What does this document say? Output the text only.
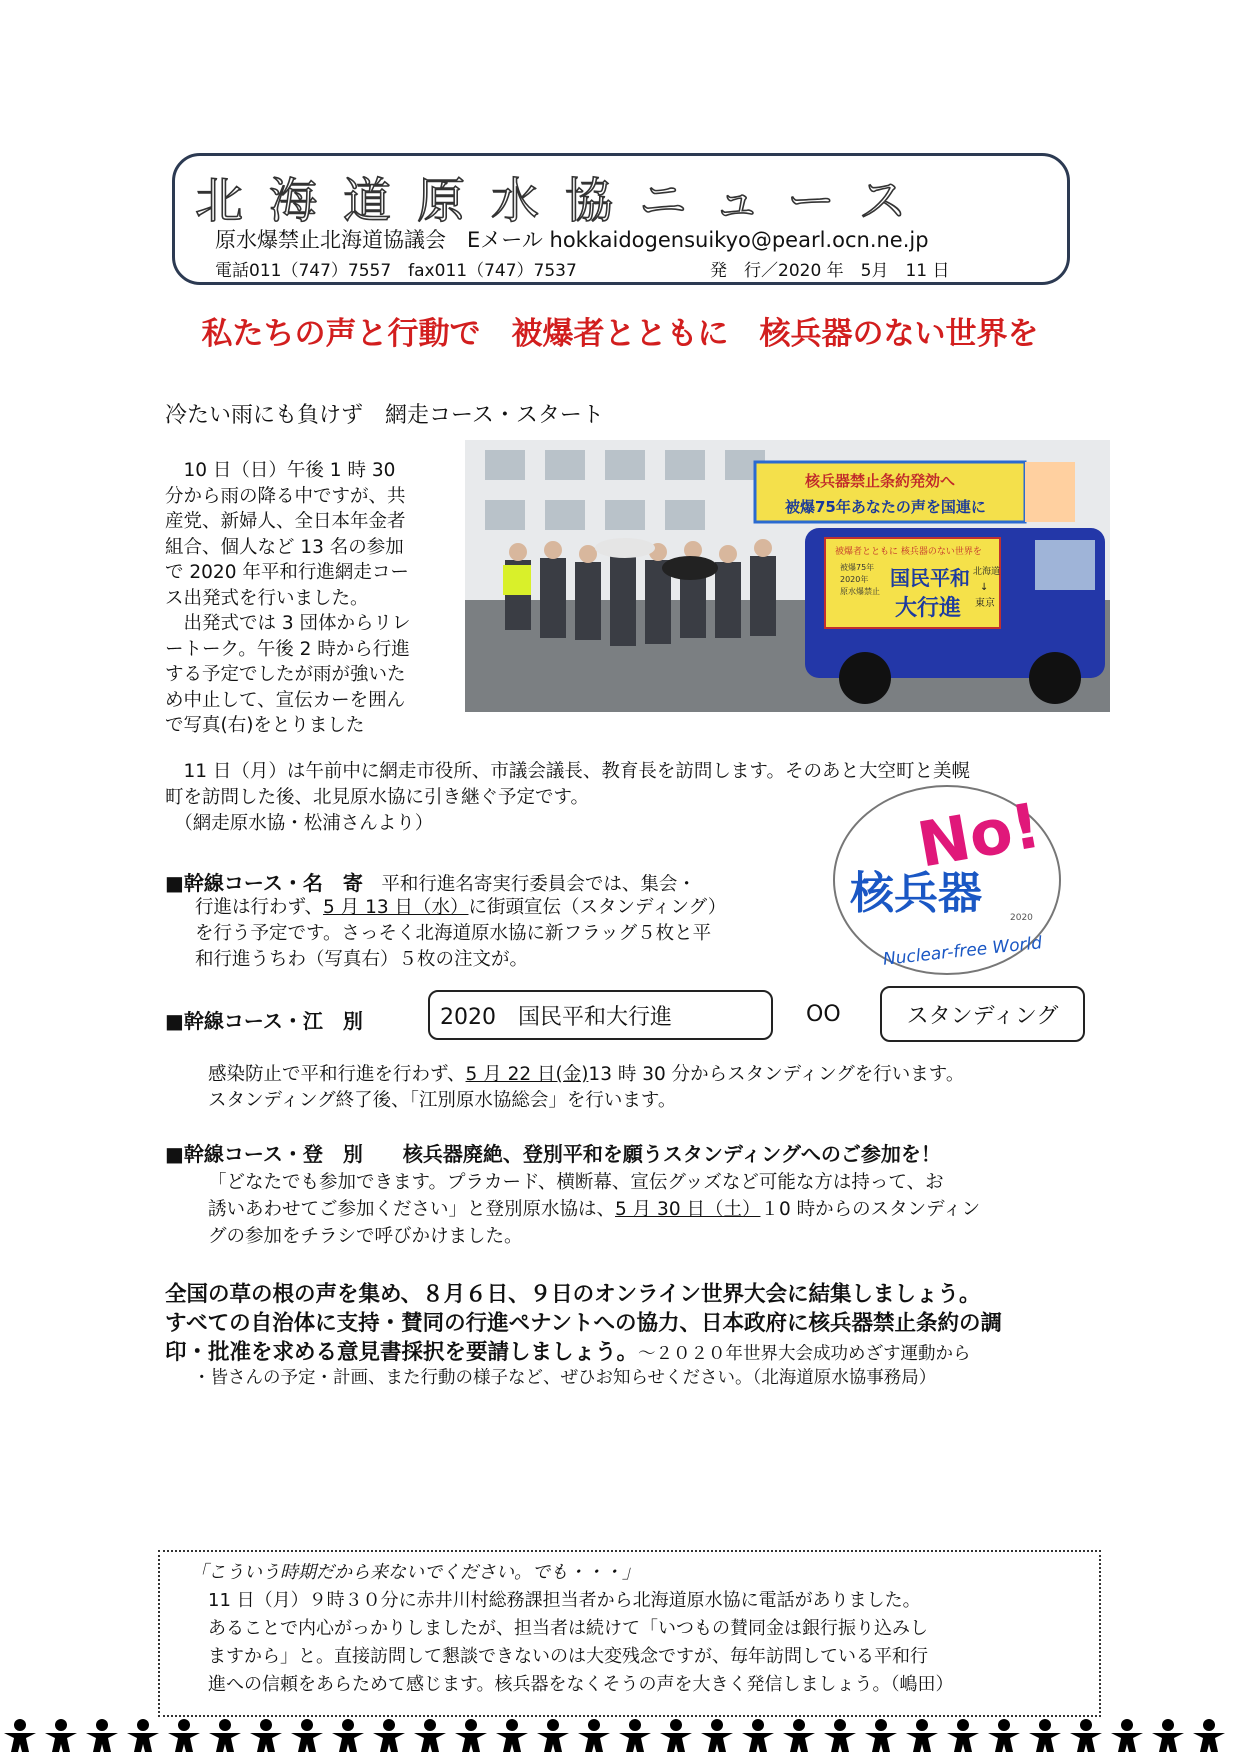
北海道原水協ニュース
原水爆禁止北海道協議会　Eメール hokkaidogensuikyo@pearl.ocn.ne.jp
電話011（747）7557　fax011（747）7537	発　行／2020 年　5月　11 日
私たちの声と行動で　被爆者とともに　核兵器のない世界を
冷たい雨にも負けず　網走コース・スタート
　10 日（日）午後 1 時 30
分から雨の降る中ですが、共
産党、新婦人、全日本年金者
組合、個人など 13 名の参加
で 2020 年平和行進網走コー
ス出発式を行いました。
　出発式では 3 団体からリレ
ートーク。午後 2 時から行進
する予定でしたが雨が強いた
め中止して、宣伝カーを囲ん
で写真(右)をとりました
核兵器禁止条約発効へ
被爆75年あなたの声を国連に
被爆者とともに 核兵器のない世界を
被爆75年
2020年
原水爆禁止
国民平和
大行進
北海道
↓
東京
　11 日（月）は午前中に網走市役所、市議会議長、教育長を訪問します。そのあと大空町と美幌
町を訪問した後、北見原水協に引き継ぐ予定です。
　（網走原水協・松浦さんより）
■幹線コース・名　寄　平和行進名寄実行委員会では、集会・
行進は行わず、5 月 13 日（水）に街頭宣伝（スタンディング）
を行う予定です。さっそく北海道原水協に新フラッグ５枚と平
和行進うちわ（写真右）５枚の注文が。
No!
核兵器	2020
Nuclear-free World
■幹線コース・江　別	2020　国民平和大行進	OO	スタンディング
感染防止で平和行進を行わず、5 月 22 日(金)13 時 30 分からスタンディングを行います。
スタンディング終了後、「江別原水協総会」を行います。
■幹線コース・登　別　　核兵器廃絶、登別平和を願うスタンディングへのご参加を！
「どなたでも参加できます。プラカード、横断幕、宣伝グッズなど可能な方は持って、お
誘いあわせてご参加ください」と登別原水協は、5 月 30 日（土）１0 時からのスタンディン
グの参加をチラシで呼びかけました。
全国の草の根の声を集め、８月６日、９日のオンライン世界大会に結集しましょう。
すべての自治体に支持・賛同の行進ペナントへの協力、日本政府に核兵器禁止条約の調
印・批准を求める意見書採択を要請しましょう。～２０２０年世界大会成功めざす運動から
・皆さんの予定・計画、また行動の様子など、ぜひお知らせください。（北海道原水協事務局）
「こういう時期だから来ないでください。でも・・・」
　11 日（月）９時３０分に赤井川村総務課担当者から北海道原水協に電話がありました。
あることで内心がっかりしましたが、担当者は続けて「いつもの賛同金は銀行振り込みし
ますから」と。直接訪問して懇談できないのは大変残念ですが、毎年訪問している平和行
進への信頼をあらためて感じます。核兵器をなくそうの声を大きく発信しましょう。（嶋田）
